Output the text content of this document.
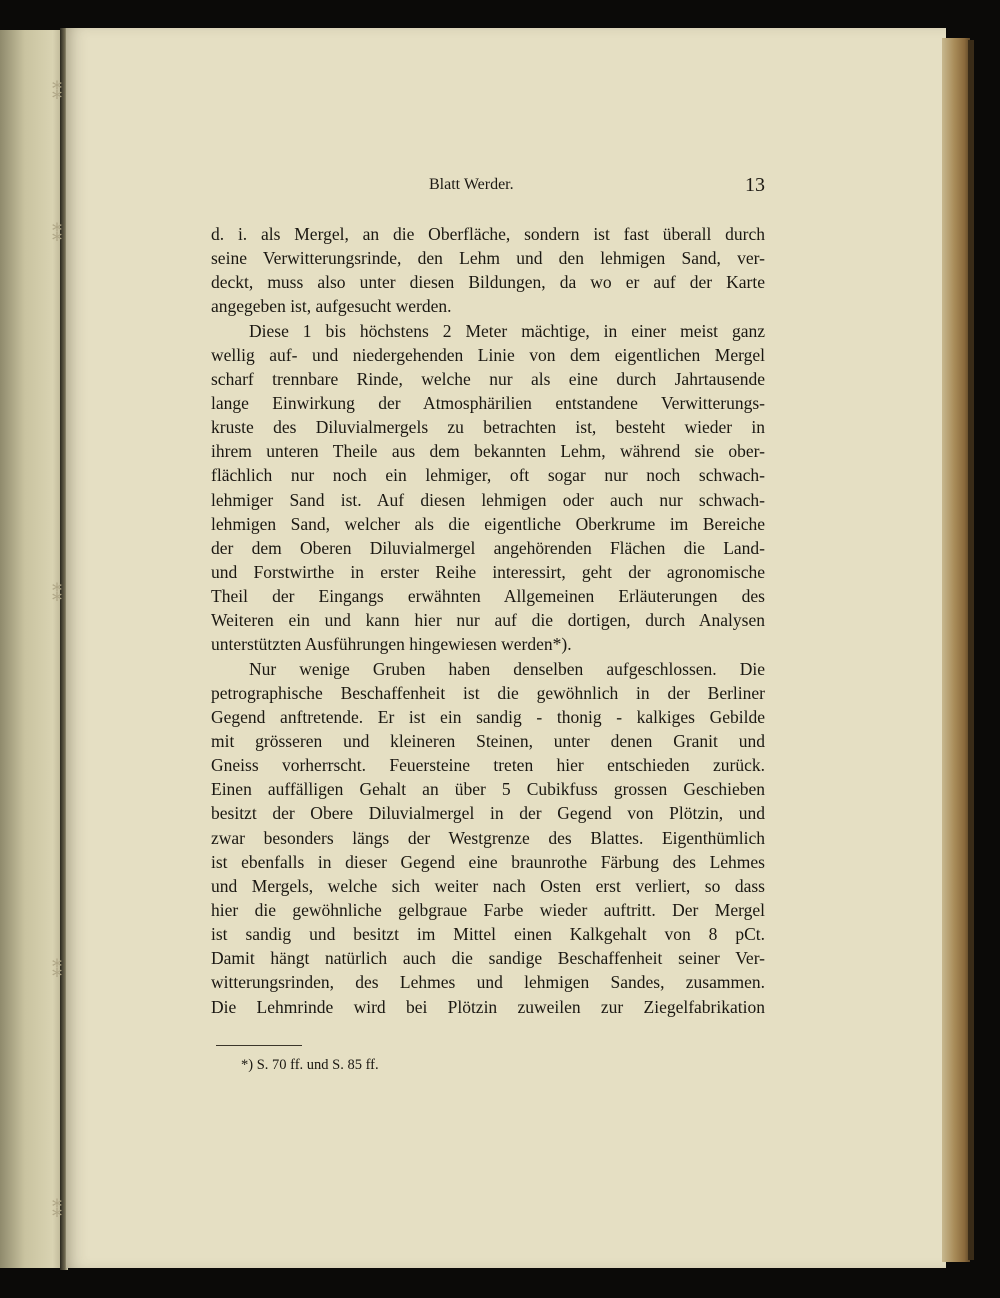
⁑
⁑
⁑
⁑
⁑
Blatt Werder.	13
d. i. als Mergel, an die Oberfläche, sondern ist fast überall durch
seine Verwitterungsrinde, den Lehm und den lehmigen Sand, ver-
deckt, muss also unter diesen Bildungen, da wo er auf der Karte
angegeben ist, aufgesucht werden.
Diese 1 bis höchstens 2 Meter mächtige, in einer meist ganz
wellig auf- und niedergehenden Linie von dem eigentlichen Mergel
scharf trennbare Rinde, welche nur als eine durch Jahrtausende
lange Einwirkung der Atmosphärilien entstandene Verwitterungs-
kruste des Diluvialmergels zu betrachten ist, besteht wieder in
ihrem unteren Theile aus dem bekannten Lehm, während sie ober-
flächlich nur noch ein lehmiger, oft sogar nur noch schwach-
lehmiger Sand ist. Auf diesen lehmigen oder auch nur schwach-
lehmigen Sand, welcher als die eigentliche Oberkrume im Bereiche
der dem Oberen Diluvialmergel angehörenden Flächen die Land-
und Forstwirthe in erster Reihe interessirt, geht der agronomische
Theil der Eingangs erwähnten Allgemeinen Erläuterungen des
Weiteren ein und kann hier nur auf die dortigen, durch Analysen
unterstützten Ausführungen hingewiesen werden*).
Nur wenige Gruben haben denselben aufgeschlossen. Die
petrographische Beschaffenheit ist die gewöhnlich in der Berliner
Gegend anftretende. Er ist ein sandig - thonig - kalkiges Gebilde
mit grösseren und kleineren Steinen, unter denen Granit und
Gneiss vorherrscht. Feuersteine treten hier entschieden zurück.
Einen auffälligen Gehalt an über 5 Cubikfuss grossen Geschieben
besitzt der Obere Diluvialmergel in der Gegend von Plötzin, und
zwar besonders längs der Westgrenze des Blattes. Eigenthümlich
ist ebenfalls in dieser Gegend eine braunrothe Färbung des Lehmes
und Mergels, welche sich weiter nach Osten erst verliert, so dass
hier die gewöhnliche gelbgraue Farbe wieder auftritt. Der Mergel
ist sandig und besitzt im Mittel einen Kalkgehalt von 8 pCt.
Damit hängt natürlich auch die sandige Beschaffenheit seiner Ver-
witterungsrinden, des Lehmes und lehmigen Sandes, zusammen.
Die Lehmrinde wird bei Plötzin zuweilen zur Ziegelfabrikation
*) S. 70 ff. und S. 85 ff.
